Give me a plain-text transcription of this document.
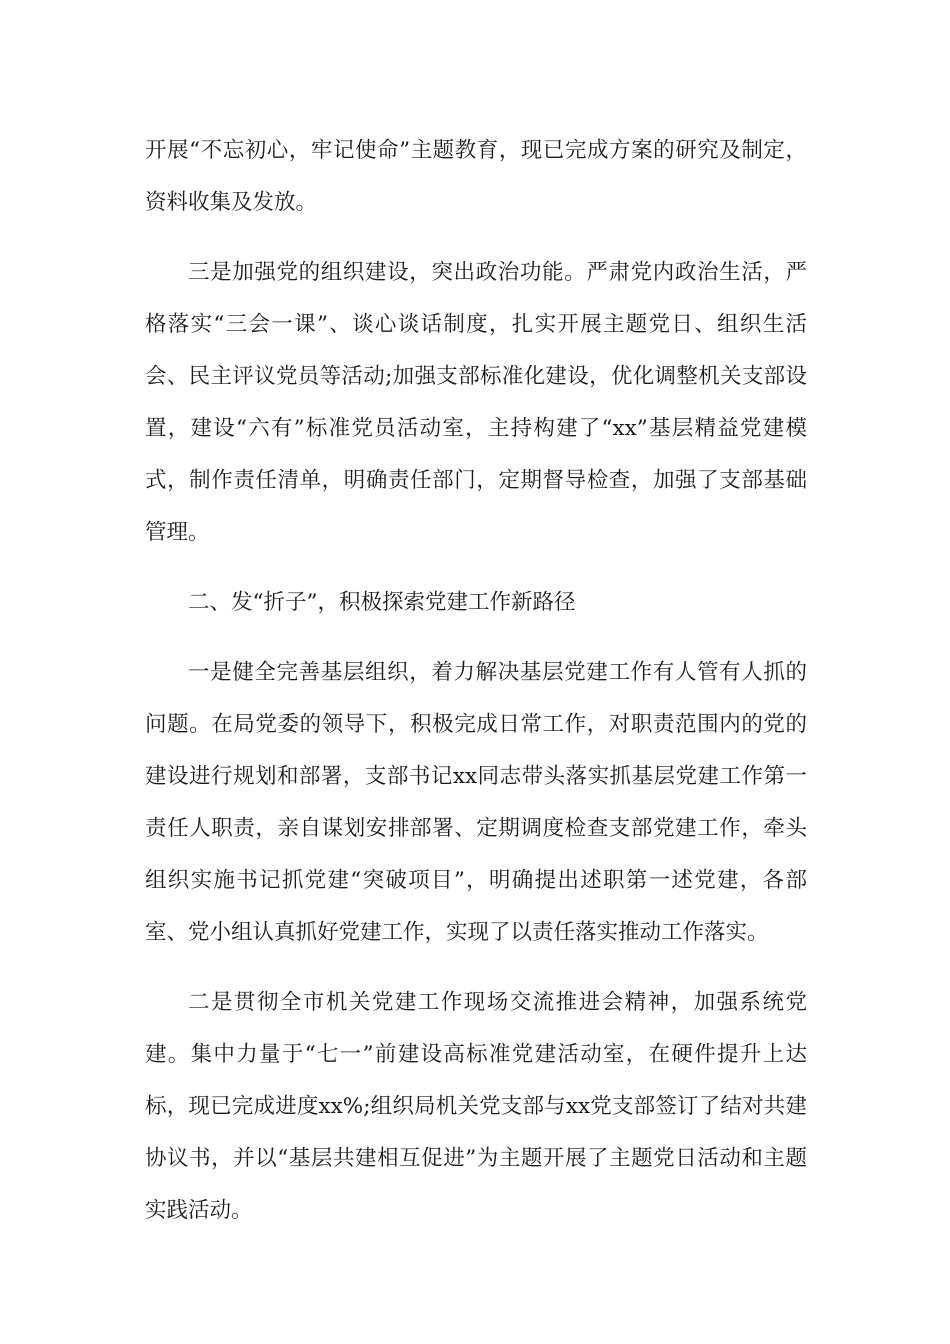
开展“不忘初心，牢记使命”主题教育，现已完成方案的研究及制定，资料收集及发放。

三是加强党的组织建设，突出政治功能。严肃党内政治生活，严格落实“三会一课”、谈心谈话制度，扎实开展主题党日、组织生活会、民主评议党员等活动;加强支部标准化建设，优化调整机关支部设置，建设“六有”标准党员活动室，主持构建了“xx”基层精益党建模式，制作责任清单，明确责任部门，定期督导检查，加强了支部基础管理。

二、发“折子”，积极探索党建工作新路径

一是健全完善基层组织，着力解决基层党建工作有人管有人抓的问题。在局党委的领导下，积极完成日常工作，对职责范围内的党的建设进行规划和部署，支部书记xx同志带头落实抓基层党建工作第一责任人职责，亲自谋划安排部署、定期调度检查支部党建工作，牵头组织实施书记抓党建“突破项目”，明确提出述职第一述党建，各部室、党小组认真抓好党建工作，实现了以责任落实推动工作落实。

二是贯彻全市机关党建工作现场交流推进会精神，加强系统党建。集中力量于“七一”前建设高标准党建活动室，在硬件提升上达标，现已完成进度xx%;组织局机关党支部与xx党支部签订了结对共建协议书，并以“基层共建相互促进”为主题开展了主题党日活动和主题实践活动。
